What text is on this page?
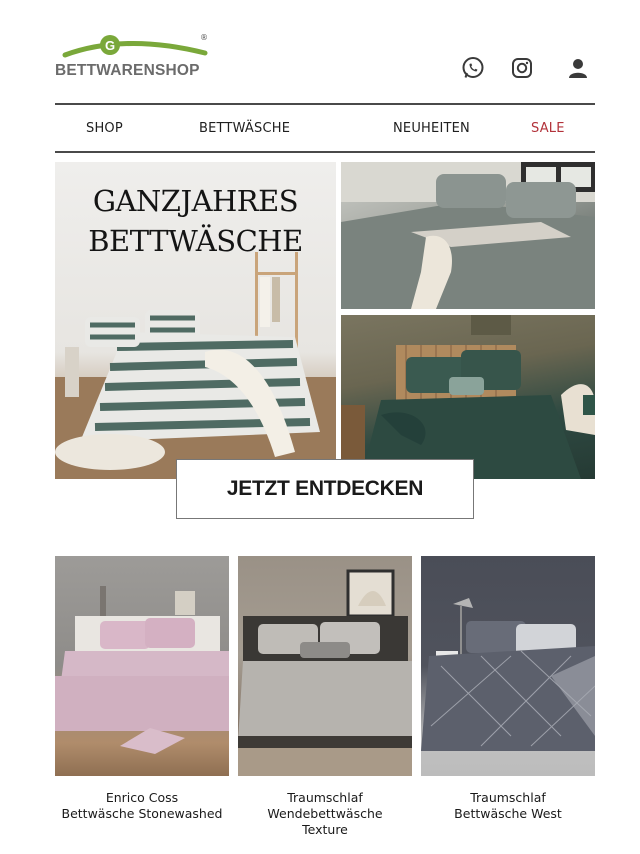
G
®
BETTWARENSHOP
SHOP	BETTWÄSCHE	NEUHEITEN	SALE
GANZJAHRES
BETTWÄSCHE
JETZT ENTDECKEN
Enrico Coss
Bettwäsche Stonewashed
Traumschlaf
Wendebettwäsche
Texture
Traumschlaf
Bettwäsche West
